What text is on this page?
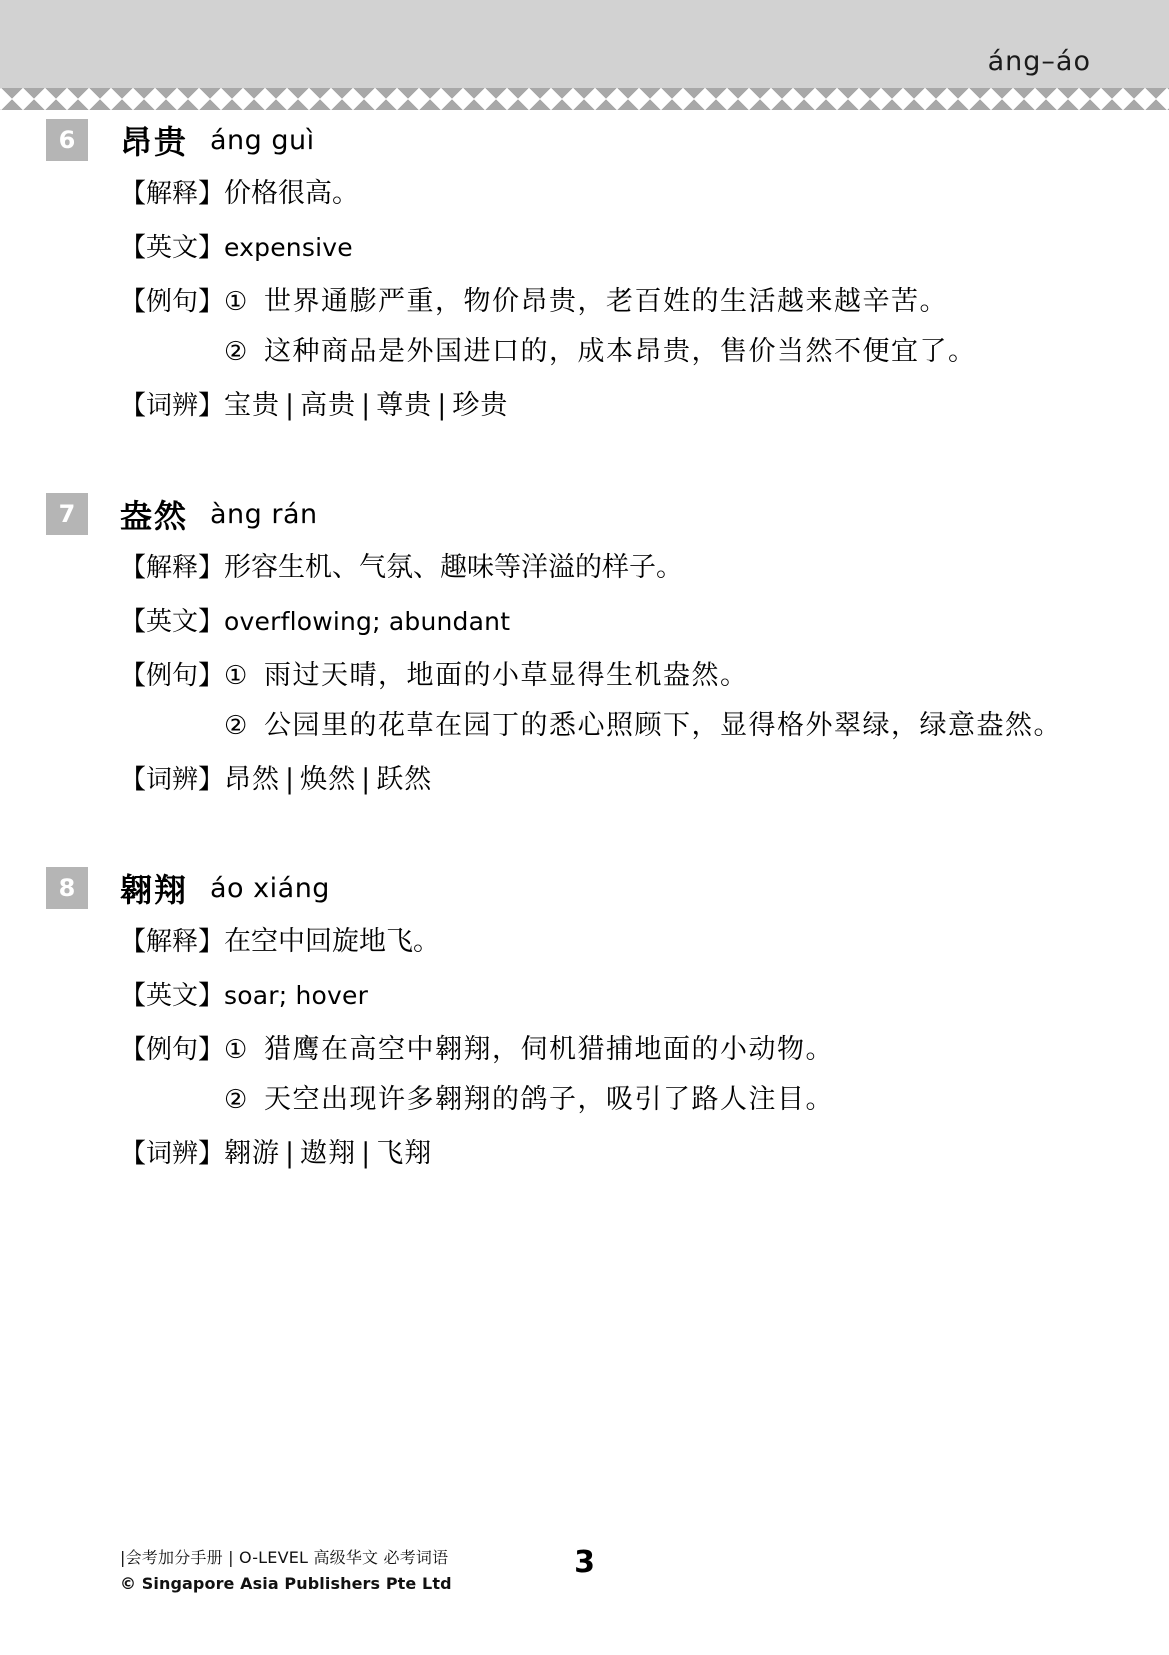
áng–áo
6	昂贵 áng guì
【解释】 价格很高。
【英文】 expensive
【例句】 ① 世界通膨严重，物价昂贵，老百姓的生活越来越辛苦。
② 这种商品是外国进口的，成本昂贵，售价当然不便宜了。
【词辨】 宝贵 | 高贵 | 尊贵 | 珍贵
7	盎然 àng rán
【解释】 形容生机、气氛、趣味等洋溢的样子。
【英文】 overflowing; abundant
【例句】 ① 雨过天晴，地面的小草显得生机盎然。
② 公园里的花草在园丁的悉心照顾下，显得格外翠绿，绿意盎然。
【词辨】 昂然 | 焕然 | 跃然
8	翱翔 áo xiáng
【解释】 在空中回旋地飞。
【英文】 soar; hover
【例句】 ① 猎鹰在高空中翱翔，伺机猎捕地面的小动物。
② 天空出现许多翱翔的鸽子，吸引了路人注目。
【词辨】 翱游 | 遨翔 | 飞翔
|会考加分手册 | O-LEVEL 高级华文 必考词语
© Singapore Asia Publishers Pte Ltd
3
